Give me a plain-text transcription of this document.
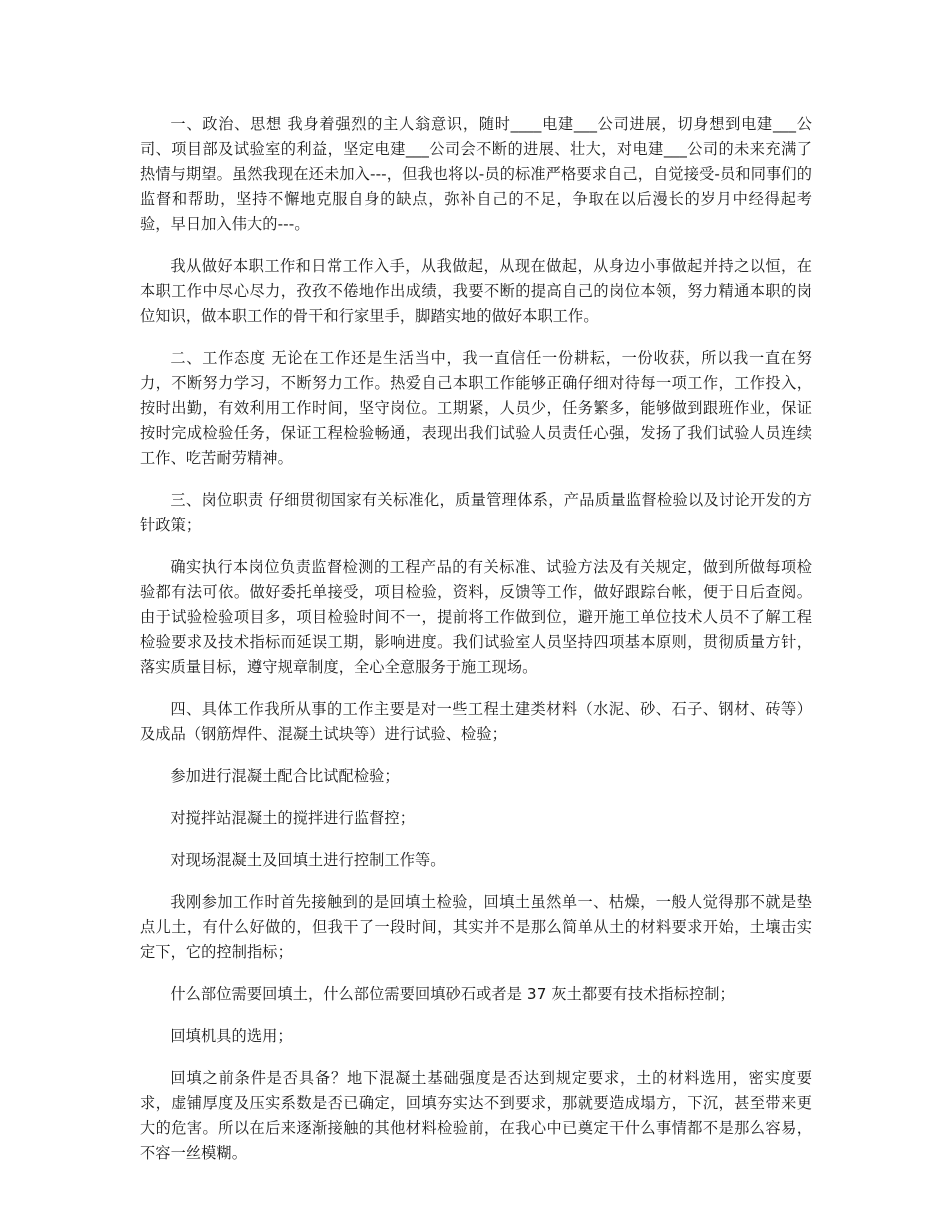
一、政治、思想 我身着强烈的主人翁意识，随时____电建___公司进展，切身想到电建___公司、项目部及试验室的利益，坚定电建___公司会不断的进展、壮大，对电建___公司的未来充满了热情与期望。虽然我现在还未加入---，但我也将以-员的标准严格要求自己，自觉接受-员和同事们的监督和帮助，坚持不懈地克服自身的缺点，弥补自己的不足，争取在以后漫长的岁月中经得起考验，早日加入伟大的---。

我从做好本职工作和日常工作入手，从我做起，从现在做起，从身边小事做起并持之以恒，在本职工作中尽心尽力，孜孜不倦地作出成绩，我要不断的提高自己的岗位本领，努力精通本职的岗位知识，做本职工作的骨干和行家里手，脚踏实地的做好本职工作。

二、工作态度 无论在工作还是生活当中，我一直信任一份耕耘，一份收获，所以我一直在努力，不断努力学习，不断努力工作。热爱自己本职工作能够正确仔细对待每一项工作，工作投入，按时出勤，有效利用工作时间，坚守岗位。工期紧，人员少，任务繁多，能够做到跟班作业，保证按时完成检验任务，保证工程检验畅通，表现出我们试验人员责任心强，发扬了我们试验人员连续工作、吃苦耐劳精神。

三、岗位职责 仔细贯彻国家有关标准化，质量管理体系，产品质量监督检验以及讨论开发的方针政策；

确实执行本岗位负责监督检测的工程产品的有关标准、试验方法及有关规定，做到所做每项检验都有法可依。做好委托单接受，项目检验，资料，反馈等工作，做好跟踪台帐，便于日后查阅。由于试验检验项目多，项目检验时间不一，提前将工作做到位，避开施工单位技术人员不了解工程检验要求及技术指标而延误工期，影响进度。我们试验室人员坚持四项基本原则，贯彻质量方针，落实质量目标，遵守规章制度，全心全意服务于施工现场。

四、具体工作我所从事的工作主要是对一些工程土建类材料（水泥、砂、石子、钢材、砖等）及成品（钢筋焊件、混凝土试块等）进行试验、检验；

参加进行混凝土配合比试配检验；

对搅拌站混凝土的搅拌进行监督控；

对现场混凝土及回填土进行控制工作等。

我刚参加工作时首先接触到的是回填土检验，回填土虽然单一、枯燥，一般人觉得那不就是垫点儿土，有什么好做的，但我干了一段时间，其实并不是那么简单从土的材料要求开始，土壤击实定下，它的控制指标；

什么部位需要回填土，什么部位需要回填砂石或者是 37 灰土都要有技术指标控制；

回填机具的选用；

回填之前条件是否具备？地下混凝土基础强度是否达到规定要求，土的材料选用，密实度要求，虚铺厚度及压实系数是否已确定，回填夯实达不到要求，那就要造成塌方，下沉，甚至带来更大的危害。所以在后来逐渐接触的其他材料检验前，在我心中已奠定干什么事情都不是那么容易，不容一丝模糊。
